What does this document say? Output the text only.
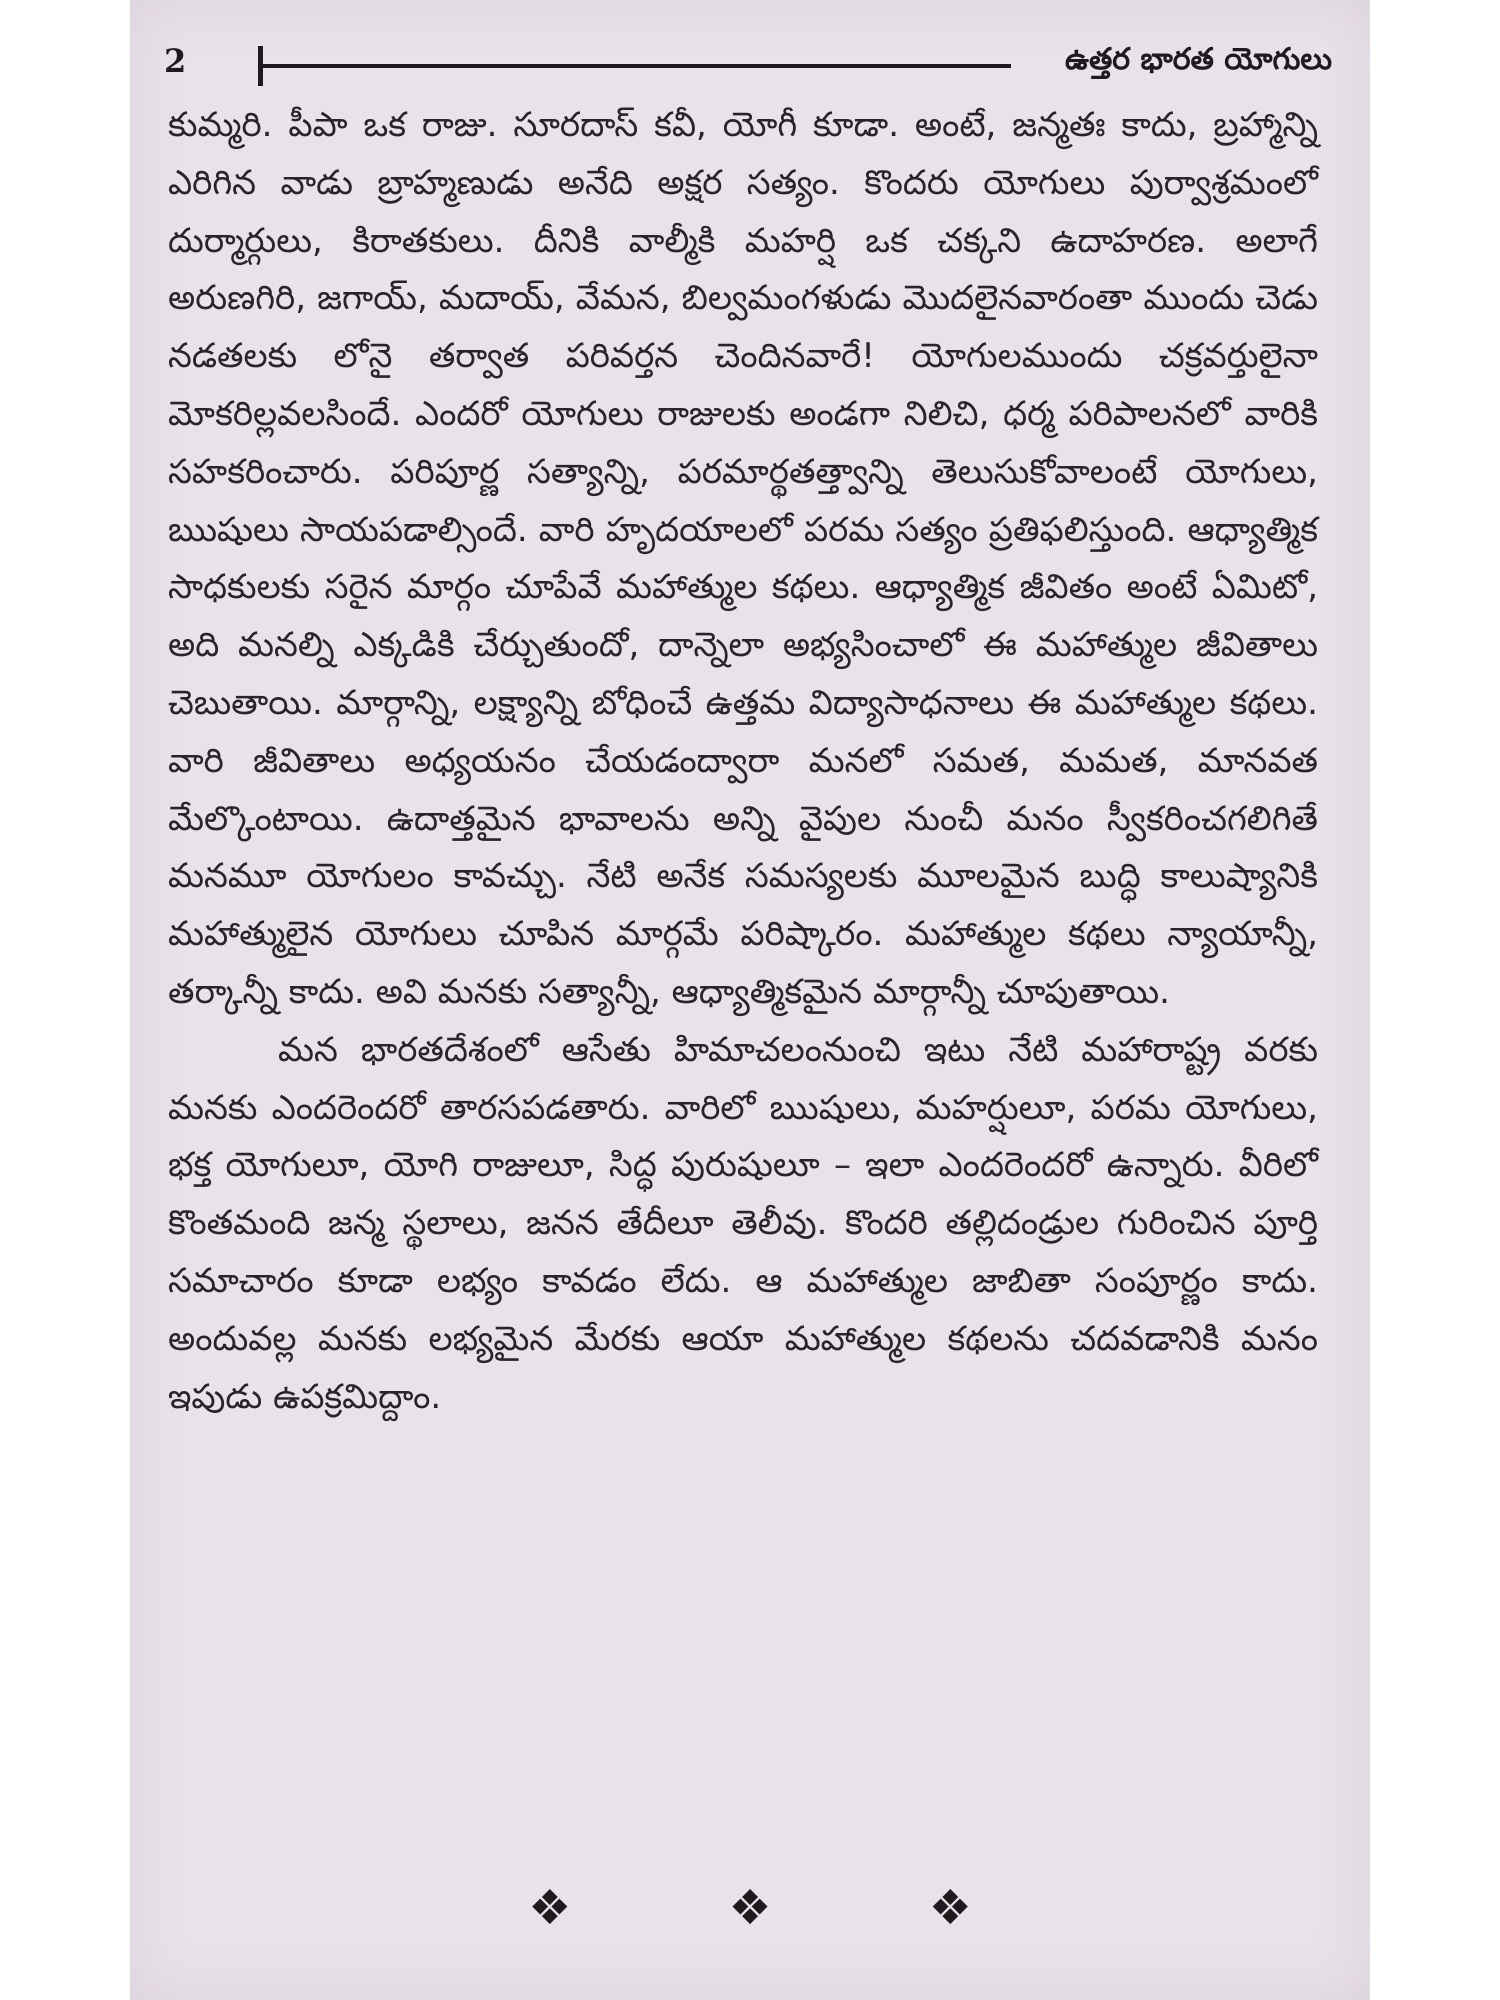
2	ఉత్తర భారత యోగులు

కుమ్మరి. పీపా ఒక రాజు. సూరదాస్ కవీ, యోగీ కూడా. అంటే, జన్మతః కాదు, బ్రహ్మాన్ని ఎరిగిన వాడు బ్రాహ్మణుడు అనేది అక్షర సత్యం. కొందరు యోగులు పుర్వాశ్రమంలో దుర్మార్గులు, కిరాతకులు. దీనికి వాల్మీకి మహర్షి ఒక చక్కని ఉదాహరణ. అలాగే అరుణగిరి, జగాయ్, మదాయ్, వేమన, బిల్వమంగళుడు మొదలైనవారంతా ముందు చెడు నడతలకు లోనై తర్వాత పరివర్తన చెందినవారే! యోగులముందు చక్రవర్తులైనా మోకరిల్లవలసిందే. ఎందరో యోగులు రాజులకు అండగా నిలిచి, ధర్మ పరిపాలనలో వారికి సహకరించారు. పరిపూర్ణ సత్యాన్ని, పరమార్థతత్త్వాన్ని తెలుసుకోవాలంటే యోగులు, ఋషులు సాయపడాల్సిందే. వారి హృదయాలలో పరమ సత్యం ప్రతిఫలిస్తుంది. ఆధ్యాత్మిక సాధకులకు సరైన మార్గం చూపేవే మహాత్ముల కథలు. ఆధ్యాత్మిక జీవితం అంటే ఏమిటో, అది మనల్ని ఎక్కడికి చేర్చుతుందో, దాన్నెలా అభ్యసించాలో ఈ మహాత్ముల జీవితాలు చెబుతాయి. మార్గాన్ని, లక్ష్యాన్ని బోధించే ఉత్తమ విద్యాసాధనాలు ఈ మహాత్ముల కథలు. వారి జీవితాలు అధ్యయనం చేయడంద్వారా మనలో సమత, మమత, మానవత మేల్కొంటాయి. ఉదాత్తమైన భావాలను అన్ని వైపుల నుంచీ మనం స్వీకరించగలిగితే మనమూ యోగులం కావచ్చు. నేటి అనేక సమస్యలకు మూలమైన బుద్ధి కాలుష్యానికి మహాత్ములైన యోగులు చూపిన మార్గమే పరిష్కారం. మహాత్ముల కథలు న్యాయాన్నీ, తర్కాన్నీ కాదు. అవి మనకు సత్యాన్నీ, ఆధ్యాత్మికమైన మార్గాన్నీ చూపుతాయి.

మన భారతదేశంలో ఆసేతు హిమాచలంనుంచి ఇటు నేటి మహారాష్ట్ర వరకు మనకు ఎందరెందరో తారసపడతారు. వారిలో ఋషులు, మహర్షులూ, పరమ యోగులు, భక్త యోగులూ, యోగి రాజులూ, సిద్ధ పురుషులూ – ఇలా ఎందరెందరో ఉన్నారు. వీరిలో కొంతమంది జన్మ స్థలాలు, జనన తేదీలూ తెలీవు. కొందరి తల్లిదండ్రుల గురించిన పూర్తి సమాచారం కూడా లభ్యం కావడం లేదు. ఆ మహాత్ముల జాబితా సంపూర్ణం కాదు. అందువల్ల మనకు లభ్యమైన మేరకు ఆయా మహాత్ముల కథలను చదవడానికి మనం ఇపుడు ఉపక్రమిద్దాం.

❖	❖	❖
